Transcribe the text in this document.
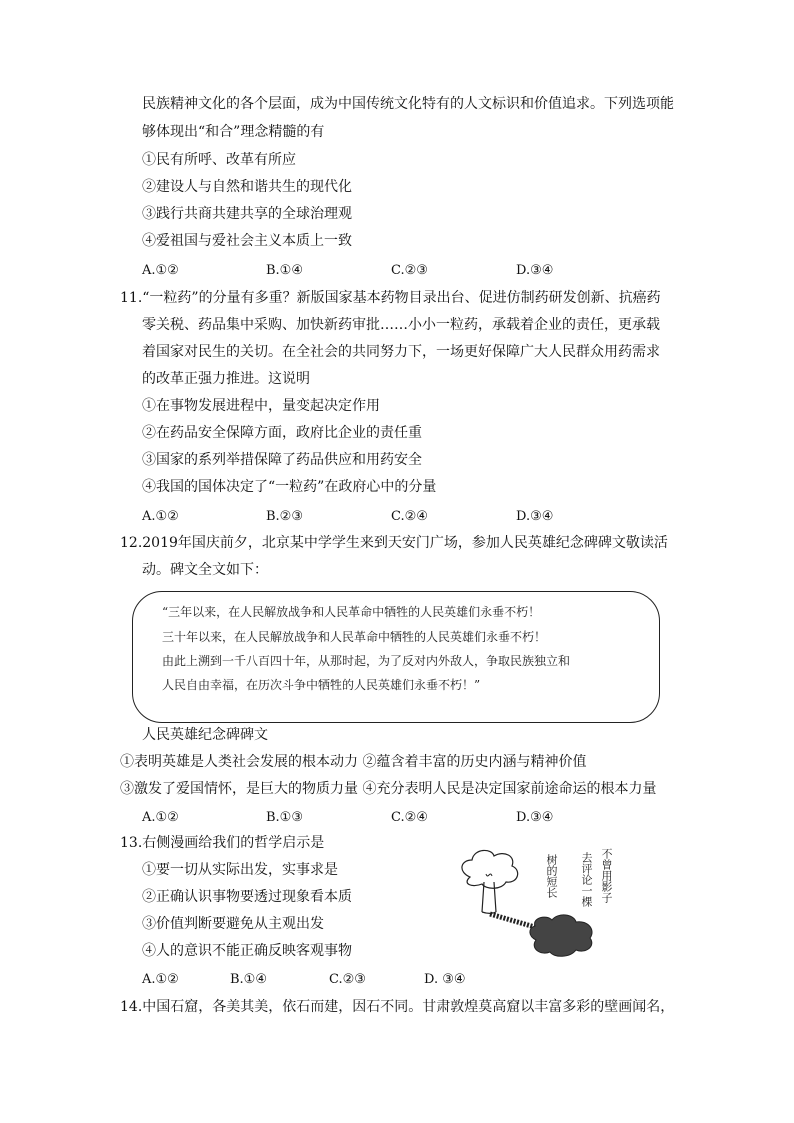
民族精神文化的各个层面，成为中国传统文化特有的人文标识和价值追求。下列选项能
够体现出“和合”理念精髓的有
①民有所呼、改革有所应
②建设人与自然和谐共生的现代化
③践行共商共建共享的全球治理观
④爱祖国与爱社会主义本质上一致
A.①②	B.①④	C.②③	D.③④
11.“一粒药”的分量有多重？新版国家基本药物目录出台、促进仿制药研发创新、抗癌药
零关税、药品集中采购、加快新药审批……小小一粒药，承载着企业的责任，更承载
着国家对民生的关切。在全社会的共同努力下，一场更好保障广大人民群众用药需求
的改革正强力推进。这说明
①在事物发展进程中，量变起决定作用
②在药品安全保障方面，政府比企业的责任重
③国家的系列举措保障了药品供应和用药安全
④我国的国体决定了“一粒药”在政府心中的分量
A.①②	B.②③	C.②④	D.③④
12.2019年国庆前夕，北京某中学学生来到天安门广场，参加人民英雄纪念碑碑文敬读活
动。碑文全文如下：
“三年以来，在人民解放战争和人民革命中牺牲的人民英雄们永垂不朽！
三十年以来，在人民解放战争和人民革命中牺牲的人民英雄们永垂不朽！
由此上溯到一千八百四十年，从那时起，为了反对内外敌人，争取民族独立和
人民自由幸福，在历次斗争中牺牲的人民英雄们永垂不朽！”
人民英雄纪念碑碑文
①表明英雄是人类社会发展的根本动力 ②蕴含着丰富的历史内涵与精神价值
③激发了爱国情怀，是巨大的物质力量 ④充分表明人民是决定国家前途命运的根本力量
A.①②	B.①③	C.②④	D.③④
13.右侧漫画给我们的哲学启示是
①要一切从实际出发，实事求是
②正确认识事物要透过现象看本质
③价值判断要避免从主观出发
④人的意识不能正确反映客观事物
A.①②	B.①④	C.②③	D. ③④
不曾用影子
去评论一棵
树的短长
14.中国石窟，各美其美，依石而建，因石不同。甘肃敦煌莫高窟以丰富多彩的壁画闻名，
